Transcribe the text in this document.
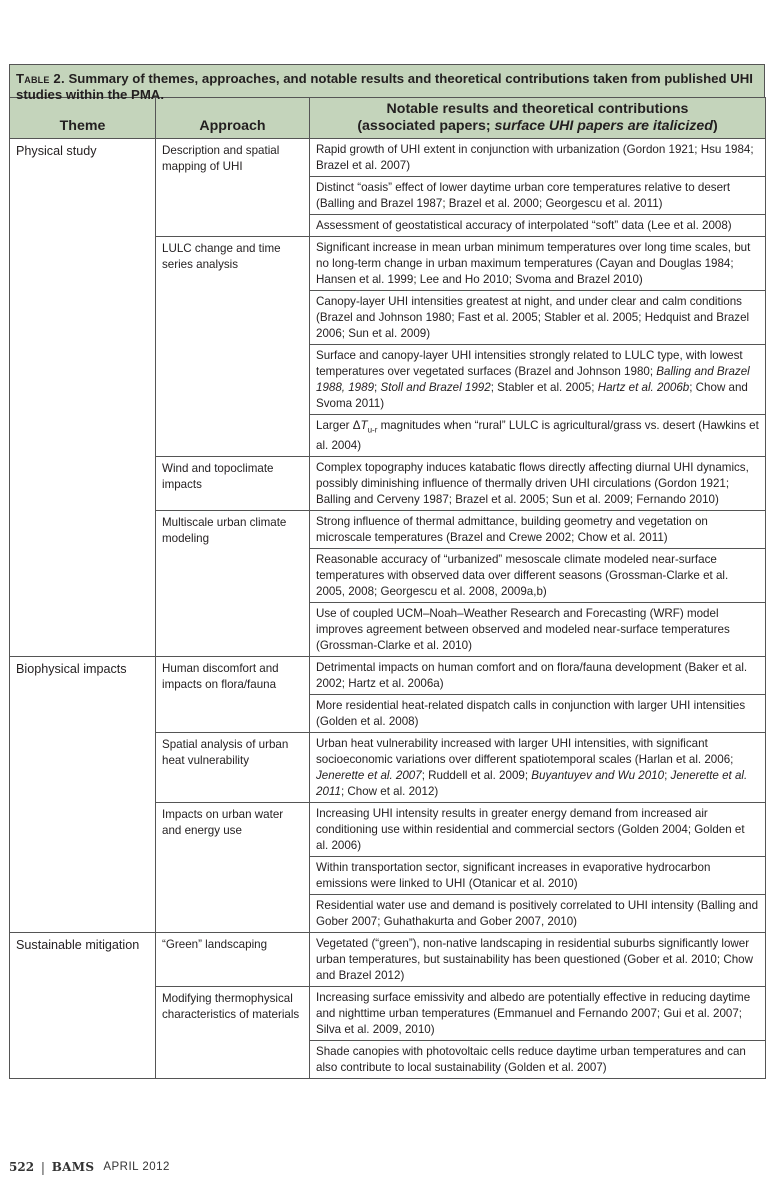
Table 2. Summary of themes, approaches, and notable results and theoretical contributions taken from published UHI studies within the PMA.
Theme	Approach	Notable results and theoretical contributions
(associated papers; surface UHI papers are italicized)

Physical study	Description and spatial mapping of UHI	Rapid growth of UHI extent in conjunction with urbanization (Gordon 1921; Hsu 1984; Brazel et al. 2007)
		Distinct “oasis” effect of lower daytime urban core temperatures relative to desert (Balling and Brazel 1987; Brazel et al. 2000; Georgescu et al. 2011)
		Assessment of geostatistical accuracy of interpolated “soft” data (Lee et al. 2008)
	LULC change and time series analysis	Significant increase in mean urban minimum temperatures over long time scales, but no long-term change in urban maximum temperatures (Cayan and Douglas 1984; Hansen et al. 1999; Lee and Ho 2010; Svoma and Brazel 2010)
		Canopy-layer UHI intensities greatest at night, and under clear and calm conditions (Brazel and Johnson 1980; Fast et al. 2005; Stabler et al. 2005; Hedquist and Brazel 2006; Sun et al. 2009)
		Surface and canopy-layer UHI intensities strongly related to LULC type, with lowest temperatures over vegetated surfaces (Brazel and Johnson 1980; Balling and Brazel 1988, 1989; Stoll and Brazel 1992; Stabler et al. 2005; Hartz et al. 2006b; Chow and Svoma 2011)
		Larger $\Delta T_{u-r}$ magnitudes when “rural” LULC is agricultural/grass vs. desert (Hawkins et al. 2004)
	Wind and topoclimate impacts	Complex topography induces katabatic flows directly affecting diurnal UHI dynamics, possibly diminishing influence of thermally driven UHI circulations (Gordon 1921; Balling and Cerveny 1987; Brazel et al. 2005; Sun et al. 2009; Fernando 2010)
	Multiscale urban climate modeling	Strong influence of thermal admittance, building geometry and vegetation on microscale temperatures (Brazel and Crewe 2002; Chow et al. 2011)
		Reasonable accuracy of “urbanized” mesoscale climate modeled near-surface temperatures with observed data over different seasons (Grossman-Clarke et al. 2005, 2008; Georgescu et al. 2008, 2009a,b)
		Use of coupled UCM–Noah–Weather Research and Forecasting (WRF) model improves agreement between observed and modeled near-surface temperatures (Grossman-Clarke et al. 2010)
Biophysical impacts	Human discomfort and impacts on flora/fauna	Detrimental impacts on human comfort and on flora/fauna development (Baker et al. 2002; Hartz et al. 2006a)
		More residential heat-related dispatch calls in conjunction with larger UHI intensities (Golden et al. 2008)
	Spatial analysis of urban heat vulnerability	Urban heat vulnerability increased with larger UHI intensities, with significant socioeconomic variations over different spatiotemporal scales (Harlan et al. 2006; Jenerette et al. 2007; Ruddell et al. 2009; Buyantuyev and Wu 2010; Jenerette et al. 2011; Chow et al. 2012)
	Impacts on urban water and energy use	Increasing UHI intensity results in greater energy demand from increased air conditioning use within residential and commercial sectors (Golden 2004; Golden et al. 2006)
		Within transportation sector, significant increases in evaporative hydrocarbon emissions were linked to UHI (Otanicar et al. 2010)
		Residential water use and demand is positively correlated to UHI intensity (Balling and Gober 2007; Guhathakurta and Gober 2007, 2010)
Sustainable mitigation	“Green” landscaping	Vegetated (“green”), non-native landscaping in residential suburbs significantly lower urban temperatures, but sustainability has been questioned (Gober et al. 2010; Chow and Brazel 2012)
	Modifying thermophysical characteristics of materials	Increasing surface emissivity and albedo are potentially effective in reducing daytime and nighttime urban temperatures (Emmanuel and Fernando 2007; Gui et al. 2007; Silva et al. 2009, 2010)
		Shade canopies with photovoltaic cells reduce daytime urban temperatures and can also contribute to local sustainability (Golden et al. 2007)
522 | BAMS APRIL 2012
